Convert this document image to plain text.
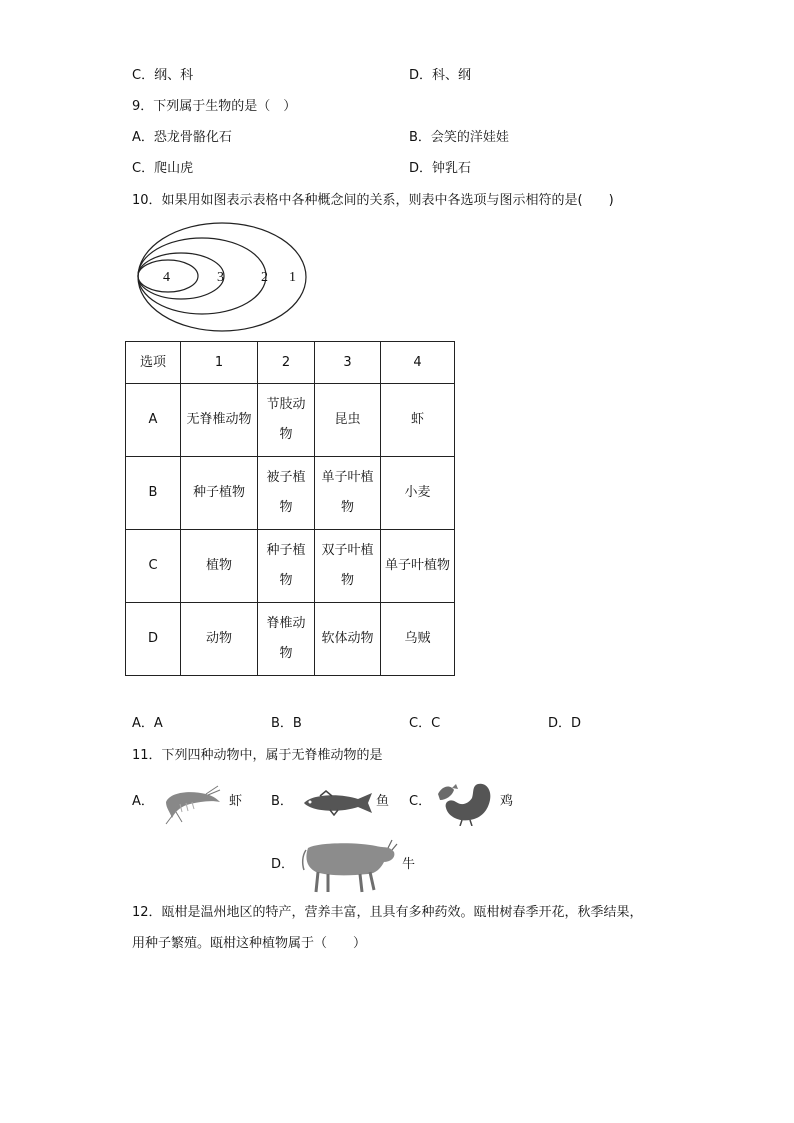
C．纲、科	D．科、纲
9．下列属于生物的是（　）
A．恐龙骨骼化石	B．会笑的洋娃娃
C．爬山虎	D．钟乳石
10．如果用如图表示表格中各种概念间的关系，则表中各选项与图示相符的是(　　)
4	3	2 1
选项	1	2	3	4
A	无脊椎动物	节肢动物	昆虫	虾
B	种子植物	被子植物	单子叶植物	小麦
C	植物	种子植物	双子叶植物	单子叶植物
D	动物	脊椎动物	软体动物	乌贼
A．A	B．B	C．C	D．D
11．下列四种动物中，属于无脊椎动物的是
A．	虾 B．	鱼 C．	鸡
D．	牛
12．瓯柑是温州地区的特产，营养丰富，且具有多种药效。瓯柑树春季开花，秋季结果，
用种子繁殖。瓯柑这种植物属于（　　）
